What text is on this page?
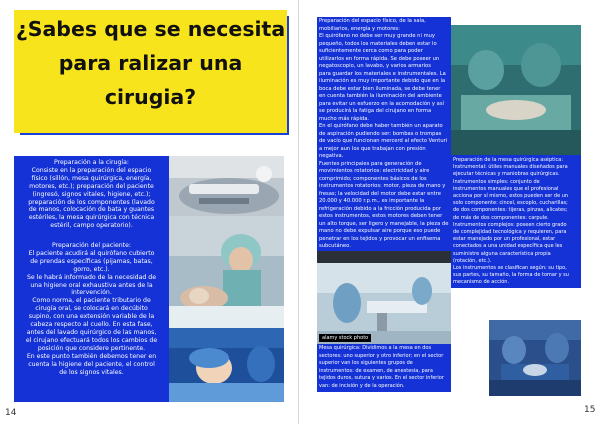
¿Sabes que se necesita
para ralizar una
cirugia?

Preparación a la cirugía:

Consiste en la preparación del espacio

físico (sillón, mesa quirúrgica, energía,

motores, etc.); preparación del paciente

(ingresó, signos vitales, higiene, etc.);

preparación de los componentes (lavado

de manos, colocación de bata y guantes

estériles, la mesa quirúrgica con técnica

estéril, campo operatorio).

Preparación del paciente:

El paciente acudirá al quirófano cubierto

de prendas específicas (pijamas, batas,

gorro, etc.).

Se le habrá informado de la necesidad de

una higiene oral exhaustiva antes de la

intervención.

Como norma, el paciente tributario de

cirugía oral, se colocará en decúbito

supino, con una extensión variable de la

cabeza respecto al cuello. En esta fase,

antes del lavado quirúrgico de las manos,

el cirujano efectuará todos los cambios de

posición que considere pertinente.

En este punto también debemos tener en

cuenta la higiene del paciente, el control

de los signos vitales.

14

Preparación del espacio físico, de la sala,

mobiliarios, energía y motores:

El quirófano no debe ser muy grande ni muy

pequeño, todos los materiales deben estar lo

suficientemente cerca como para poder

utilizarlos en forma rápida. Se debe poseer un

negatoscopio, un lavabo, y varios armarios

para guardar los materiales e instrumentales. La

iluminación es muy importante debido que en la

boca debe estar bien iluminada, se debe tener

en cuenta también la iluminación del ambiente

para evitar un esfuerzo en la acomodación y así

se producirá la fatiga del cirujano en forma

mucho más rápida.

En el quirófano debe haber también un aparato

de aspiración pudiendo ser: bombas o trompas

de vacío que funcionan mercerd al efecto Venturi

a mejor aun los que trabajan con presión

negativa.

Fuentes principales para generación de

movimientos rotatorios: electricidad y aire

comprimido; componentes básicos de los

instrumentos rotatorios: motor, pieza de mano y

fresas; la velocidad del motor debe estar entre

20.000 y 40.000 r.p.m., es importante la

refrigeración debido a la fricción producida por

estos instrumentos, estos motores deben tener

un alto torque, ser ligero y manejable, la pieza de

mano no debe expulsar aire porque eso puede

penetrar en los tejidos y provocar un enfisema

subcutáneo.

Preparación de la mesa quirúrgica aséptica:

Instrumental: útiles manuales diseñados para

ejecutar técnicas y maniobras quirúrgicas.

Instrumentos simples: conjunto de

instrumentos manuales que el profesional

acciona por sí mismo, estos pueden ser de un

solo componente: cincel, escoplo, cucharillas;

de dos componentes: tijeras, pinzas, alicates;

de más de dos componentes: carpule.

Instrumentos complejos: poseen cierto grado

de complejidad tecnológica y requieren, para

estar manejado por un profesional, estar

conectados a una unidad específica que les

suministre alguna característica propia

(rotación, etc.).

Los instrumentos se clasifican según: su tipo,

sus partes, su tamaño, la forma de tomar y su

mecanismo de acción.

alamy stock photo

Mesa quirúrgica: Dividimos a la mesa en dos

sectores: uno superior y otro inferior; en el sector

superior van los siguientes grupos de

instrumentos: de examen, de anestesia, para

tejidos duros, sutura y varios. En el sector inferior

van: de incisión y de la operación.

15
